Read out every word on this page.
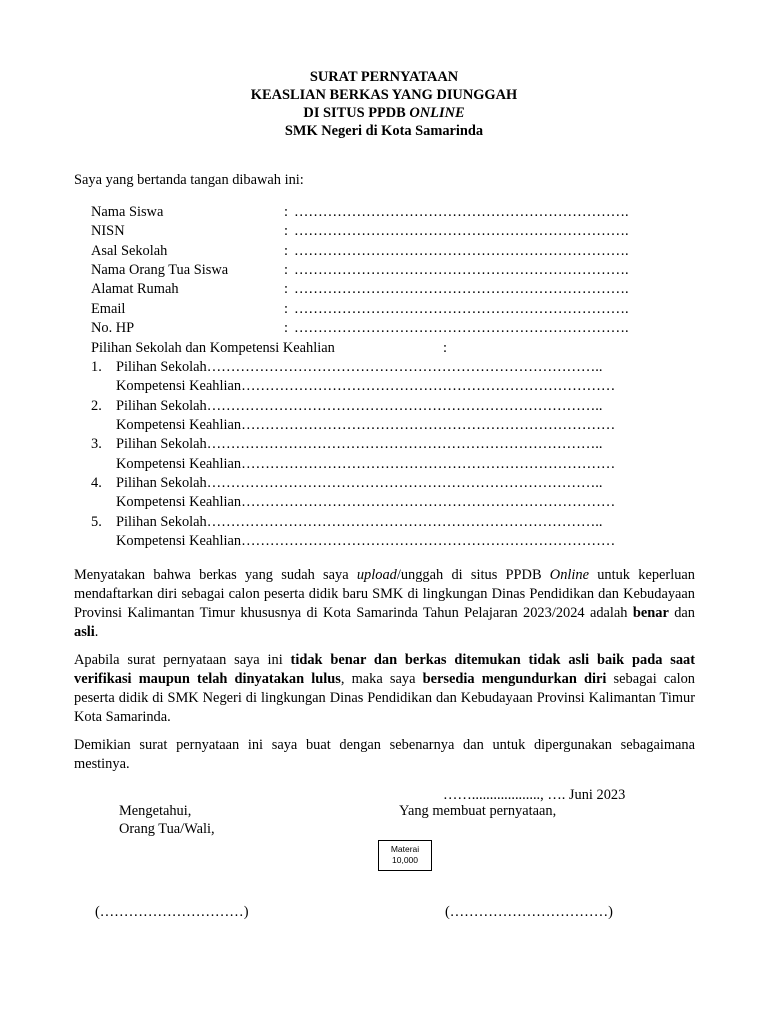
SURAT PERNYATAAN
KEASLIAN BERKAS YANG DIUNGGAH
DI SITUS PPDB ONLINE
SMK Negeri di Kota Samarinda
Saya yang bertanda tangan dibawah ini:
Nama Siswa	: …………………………………………………………….
NISN	: …………………………………………………………….
Asal Sekolah	: …………………………………………………………….
Nama Orang Tua Siswa	: …………………………………………………………….
Alamat Rumah	: …………………………………………………………….
Email	: …………………………………………………………….
No. HP	: …………………………………………………………….
Pilihan Sekolah dan Kompetensi Keahlian	:
1. Pilihan Sekolah………………………………………………………………………..
Kompetensi Keahlian……………………………………………………………………
2. Pilihan Sekolah………………………………………………………………………..
Kompetensi Keahlian……………………………………………………………………
3. Pilihan Sekolah………………………………………………………………………..
Kompetensi Keahlian……………………………………………………………………
4. Pilihan Sekolah………………………………………………………………………..
Kompetensi Keahlian……………………………………………………………………
5. Pilihan Sekolah………………………………………………………………………..
Kompetensi Keahlian……………………………………………………………………
Menyatakan bahwa berkas yang sudah saya upload/unggah di situs PPDB Online untuk keperluan mendaftarkan diri sebagai calon peserta didik baru SMK di lingkungan Dinas Pendidikan dan Kebudayaan Provinsi Kalimantan Timur khususnya di Kota Samarinda Tahun Pelajaran 2023/2024 adalah benar dan asli.
Apabila surat pernyataan saya ini tidak benar dan berkas ditemukan tidak asli baik pada saat verifikasi maupun telah dinyatakan lulus, maka saya bersedia mengundurkan diri sebagai calon peserta didik di SMK Negeri di lingkungan Dinas Pendidikan dan Kebudayaan Provinsi Kalimantan Timur Kota Samarinda.
Demikian surat pernyataan ini saya buat dengan sebenarnya dan untuk dipergunakan sebagaimana mestinya.
……..................., …. Juni 2023
Mengetahui,
Orang Tua/Wali,
Yang membuat pernyataan,
Materai
10,000
(…………………………)	(……………………………)
